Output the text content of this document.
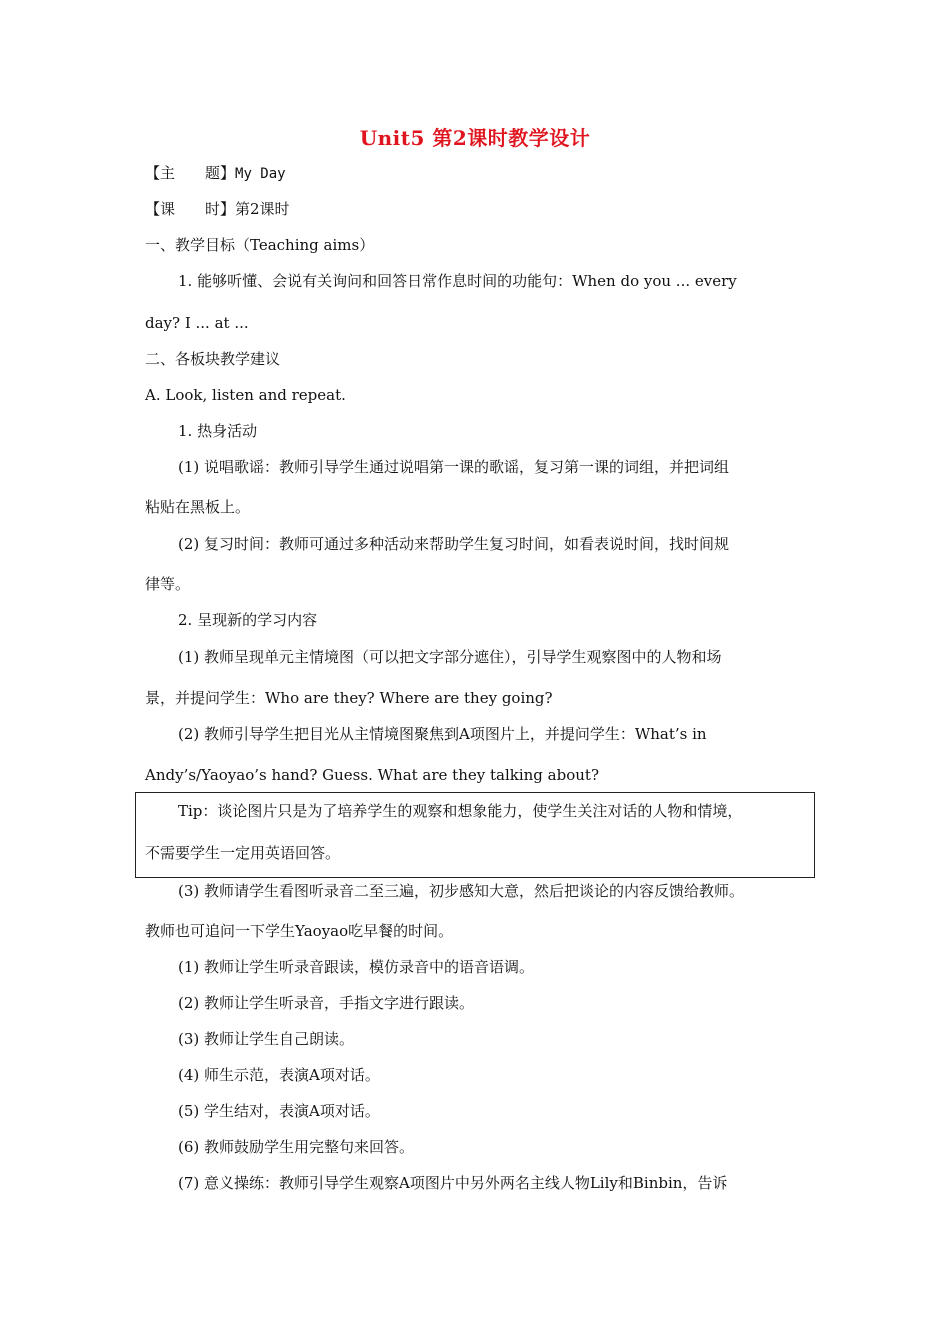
Unit5 第2课时教学设计
【主　　题】My Day
【课　　时】第2课时
一、教学目标（Teaching aims）
1. 能够听懂、会说有关询问和回答日常作息时间的功能句：When do you ... every
day? I ... at ...
二、各板块教学建议
A. Look, listen and repeat.
1. 热身活动
(1) 说唱歌谣：教师引导学生通过说唱第一课的歌谣，复习第一课的词组，并把词组
粘贴在黑板上。
(2) 复习时间：教师可通过多种活动来帮助学生复习时间，如看表说时间，找时间规
律等。
2. 呈现新的学习内容
(1) 教师呈现单元主情境图（可以把文字部分遮住），引导学生观察图中的人物和场
景，并提问学生：Who are they? Where are they going?
(2) 教师引导学生把目光从主情境图聚焦到A项图片上，并提问学生：What’s in
Andy’s/Yaoyao’s hand? Guess. What are they talking about?
Tip：谈论图片只是为了培养学生的观察和想象能力，使学生关注对话的人物和情境，
不需要学生一定用英语回答。
(3) 教师请学生看图听录音二至三遍，初步感知大意，然后把谈论的内容反馈给教师。
教师也可追问一下学生Yaoyao吃早餐的时间。
(1) 教师让学生听录音跟读，模仿录音中的语音语调。
(2) 教师让学生听录音，手指文字进行跟读。
(3) 教师让学生自己朗读。
(4) 师生示范，表演A项对话。
(5) 学生结对，表演A项对话。
(6) 教师鼓励学生用完整句来回答。
(7) 意义操练：教师引导学生观察A项图片中另外两名主线人物Lily和Binbin，告诉
